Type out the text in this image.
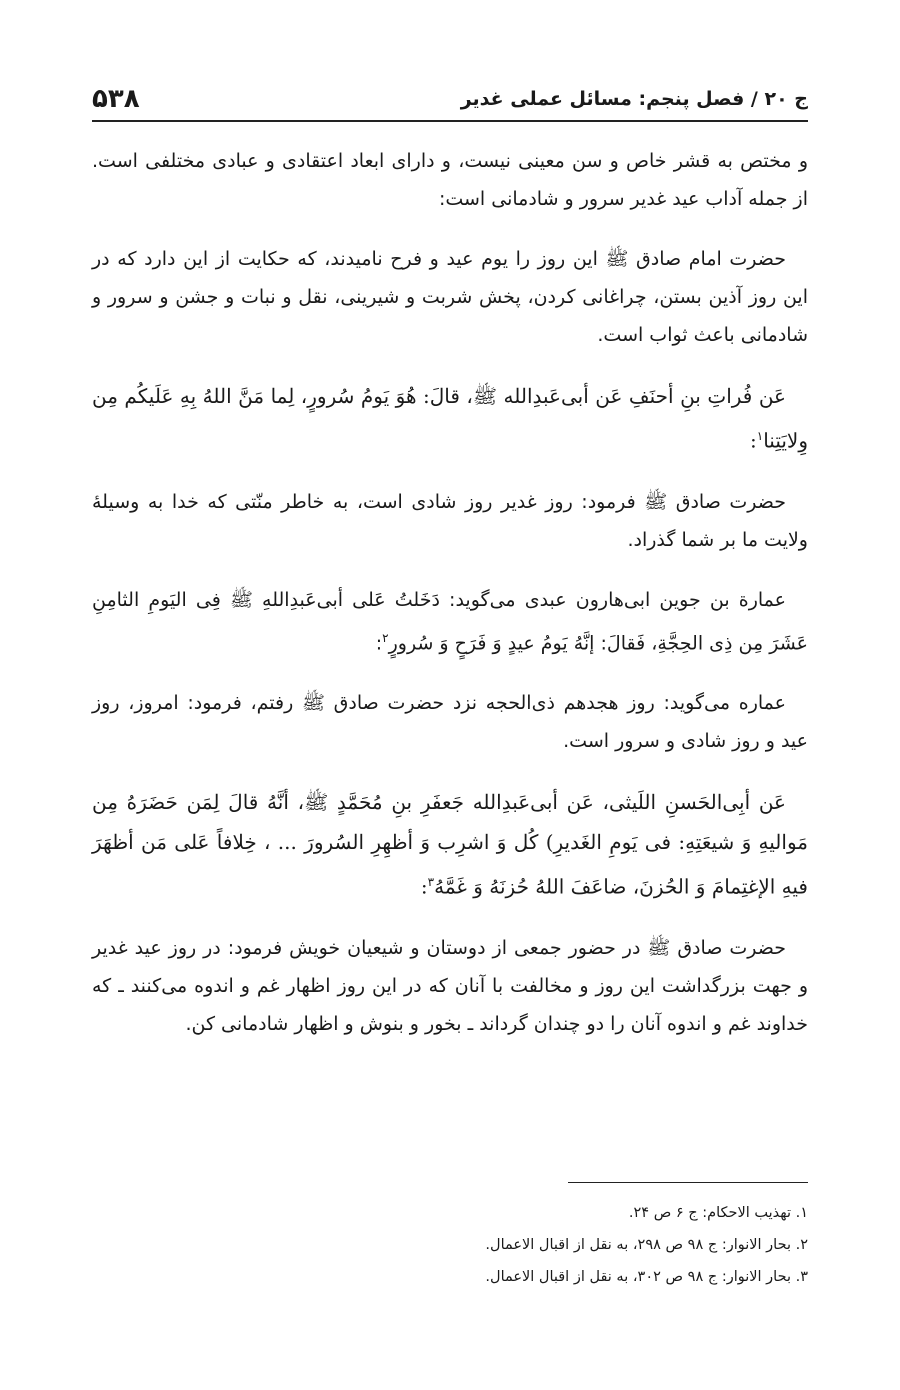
ج ۲۰ / فصل پنجم: مسائل عملی غدیر
۵۳۸

و مختص به قشر خاص و سن معینی نیست، و دارای ابعاد اعتقادی و عبادی مختلفی است. از جمله آداب عید غدیر سرور و شادمانی است:

حضرت امام صادق ﷺ این روز را یوم عید و فرح نامیدند، که حکایت از این دارد که در این روز آذین بستن، چراغانی کردن، پخش شربت و شیرینی، نقل و نبات و جشن و سرور و شادمانی باعث ثواب است.

عَن فُراتِ بنِ أحنَفِ عَن أبی‌عَبدِالله ﷺ، قالَ: هُوَ یَومُ سُرورٍ، لِما مَنَّ اللهُ بِهِ عَلَیکُم مِن وِلایَتِنا$^۱$:

حضرت صادق ﷺ فرمود: روز غدیر روز شادی است، به خاطر منّتی که خدا به وسیلۀ ولایت ما بر شما گذراد.

عمارة بن جوین ابی‌هارون عبدی می‌گوید: دَخَلتُ عَلی أبی‌عَبدِاللهِ ﷺ فِی الیَومِ الثامِنِ عَشَرَ مِن ذِی الحِجَّةِ، فَقالَ: إنَّهُ یَومُ عیدٍ وَ فَرَحٍ وَ سُرورٍ$^۲$:

عماره می‌گوید: روز هجدهم ذی‌الحجه نزد حضرت صادق ﷺ رفتم، فرمود: امروز، روز عید و روز شادی و سرور است.

عَن أبِی‌الحَسنِ اللَیثی، عَن أبی‌عَبدِالله جَعفَرِ بنِ مُحَمَّدٍ ﷺ، أنَّهُ قالَ لِمَن حَضَرَهُ مِن مَوالیهِ وَ شیعَتِهِ: فی یَومِ الغَدیرِ) کُل وَ اشرِب وَ أظهِرِ السُرورَ ... ، خِلافاً عَلی مَن أظهَرَ فیهِ الإغتِمامَ وَ الحُزنَ، ضاعَفَ اللهُ حُزنَهُ وَ غَمَّهُ$^۳$:

حضرت صادق ﷺ در حضور جمعی از دوستان و شیعیان خویش فرمود: در روز عید غدیر و جهت بزرگداشت این روز و مخالفت با آنان که در این روز اظهار غم و اندوه می‌کنند ـ که خداوند غم و اندوه آنان را دو چندان گرداند ـ بخور و بنوش و اظهار شادمانی کن.

۱. تهذیب الاحکام: ج ۶ ص ۲۴.

۲. بحار الانوار: ج ۹۸ ص ۲۹۸، به نقل از اقبال الاعمال.

۳. بحار الانوار: ج ۹۸ ص ۳۰۲، به نقل از اقبال الاعمال.
